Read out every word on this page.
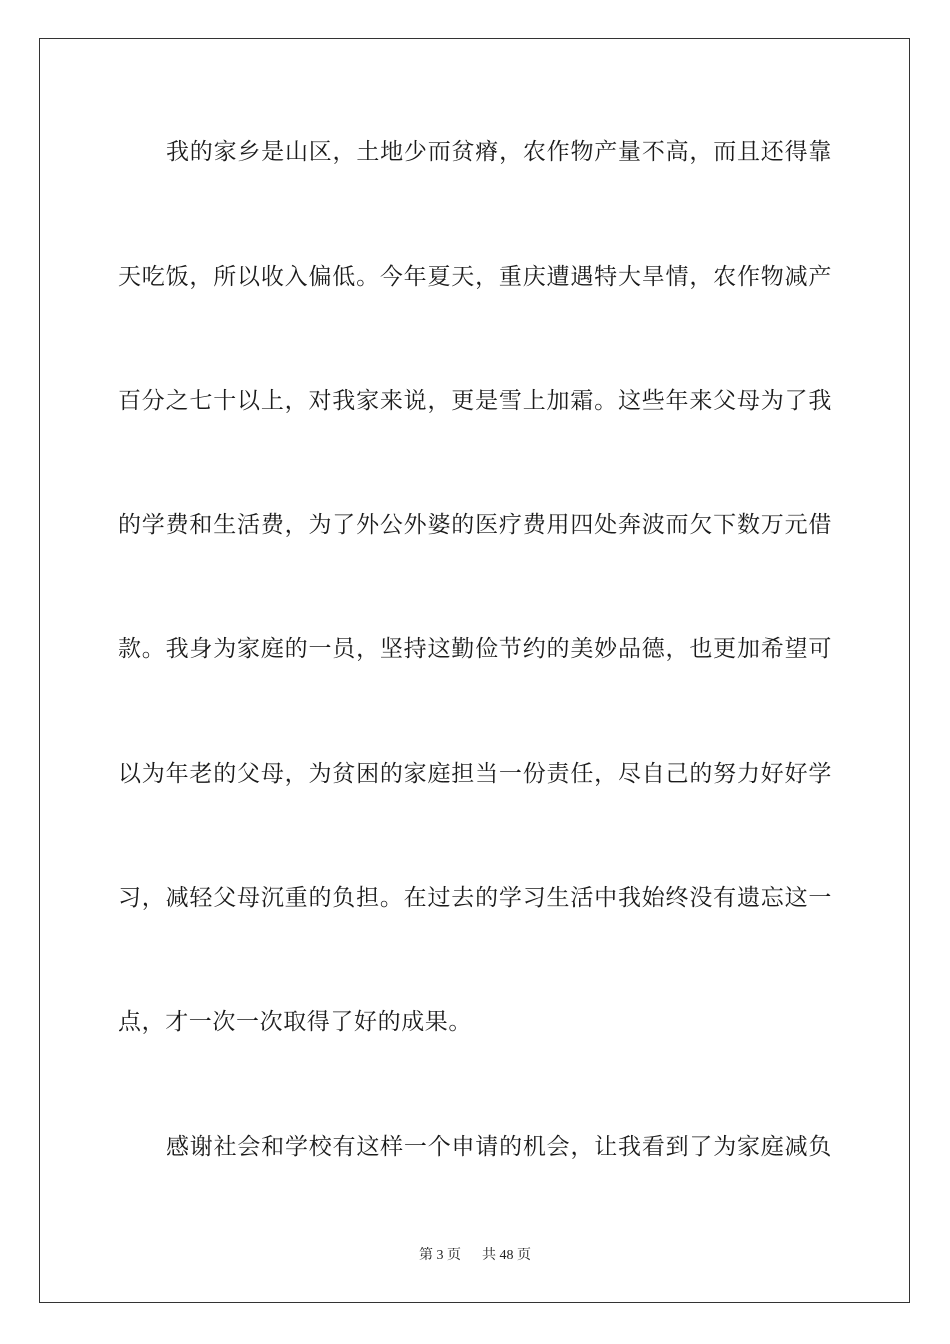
我的家乡是山区，土地少而贫瘠，农作物产量不高，而且还得靠
天吃饭，所以收入偏低。今年夏天，重庆遭遇特大旱情，农作物减产
百分之七十以上，对我家来说，更是雪上加霜。这些年来父母为了我
的学费和生活费，为了外公外婆的医疗费用四处奔波而欠下数万元借
款。我身为家庭的一员，坚持这勤俭节约的美妙品德，也更加希望可
以为年老的父母，为贫困的家庭担当一份责任，尽自己的努力好好学
习，减轻父母沉重的负担。在过去的学习生活中我始终没有遗忘这一
点，才一次一次取得了好的成果。
感谢社会和学校有这样一个申请的机会，让我看到了为家庭减负
第 3 页 共 48 页
